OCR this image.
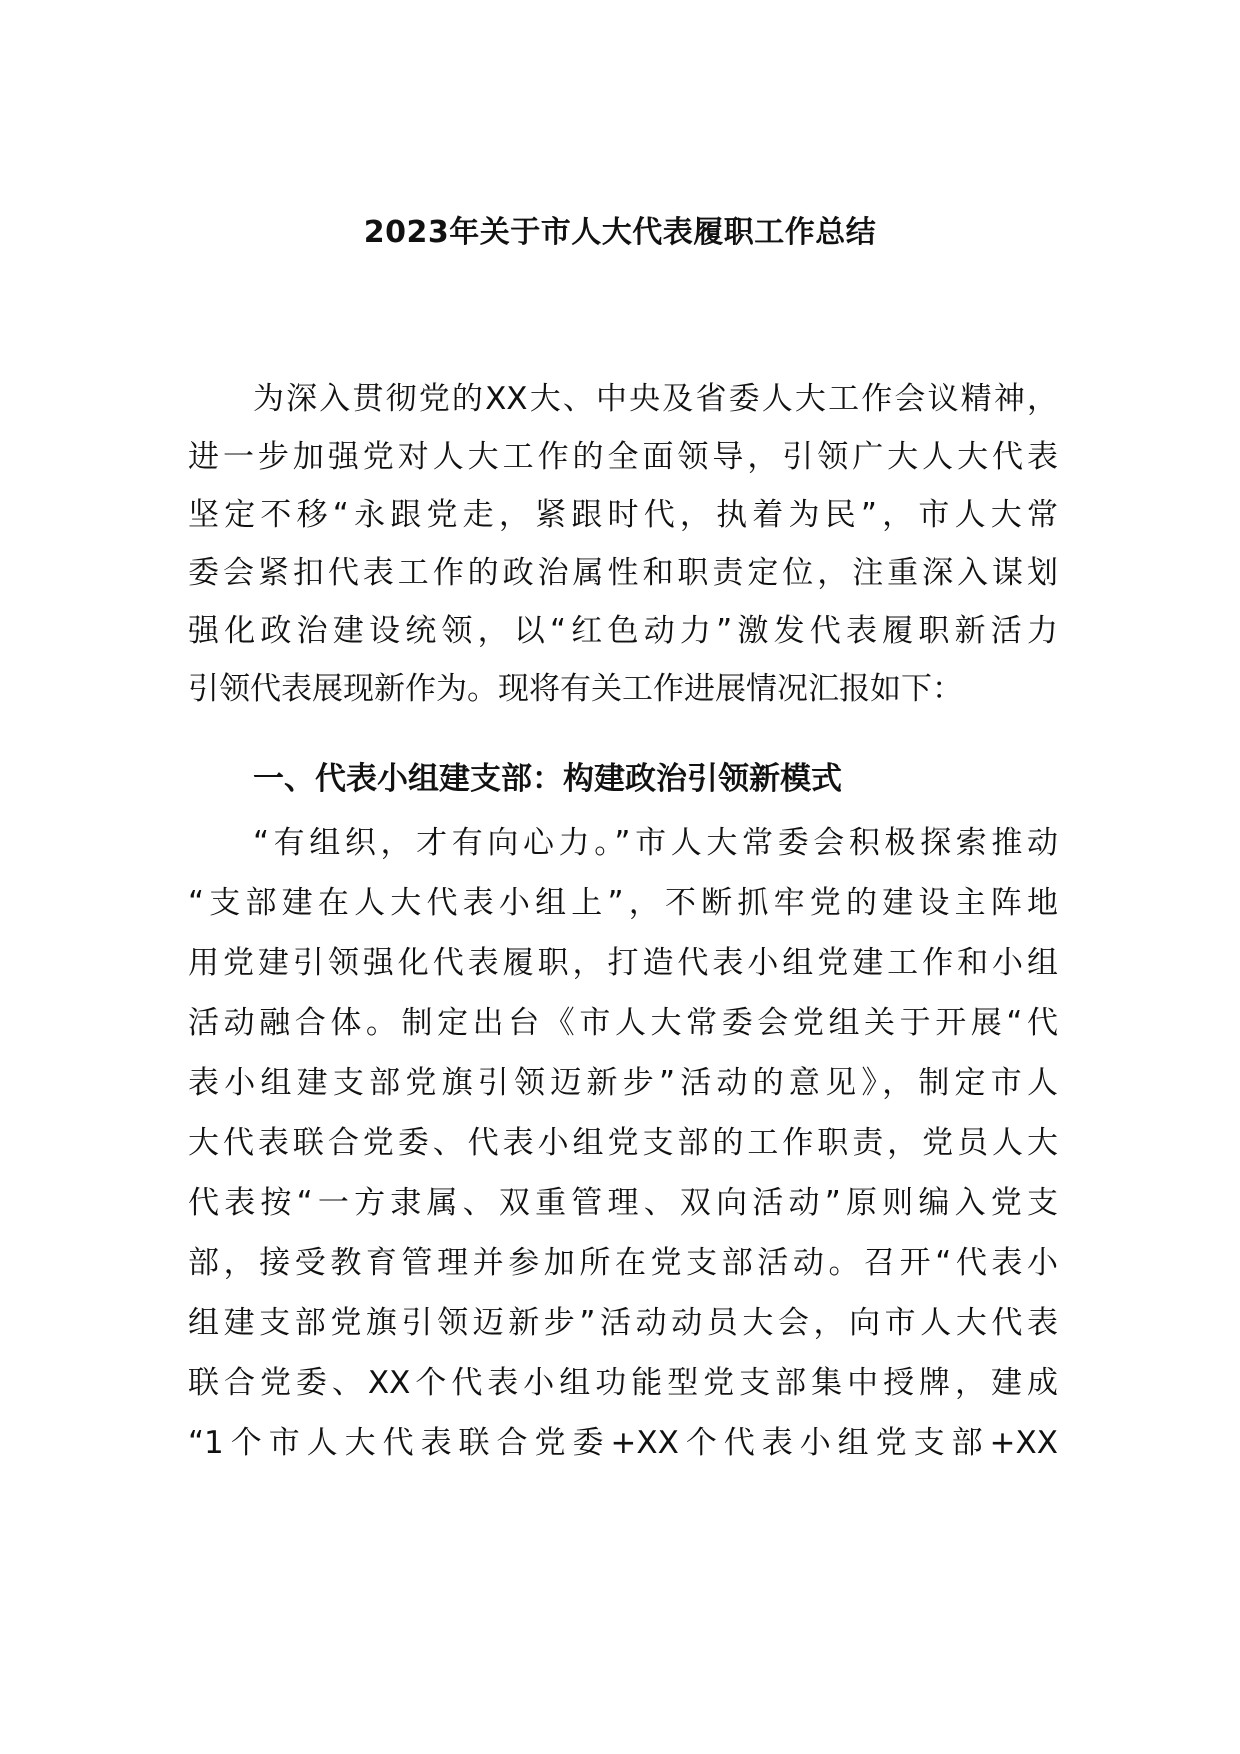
2023年关于市人大代表履职工作总结
为深入贯彻党的XX大、中央及省委人大工作会议精神，
进一步加强党对人大工作的全面领导，引领广大人大代表
坚定不移“永跟党走，紧跟时代，执着为民”，市人大常
委会紧扣代表工作的政治属性和职责定位，注重深入谋划
强化政治建设统领，以“红色动力”激发代表履职新活力
引领代表展现新作为。现将有关工作进展情况汇报如下：
一、代表小组建支部：构建政治引领新模式
“有组织，才有向心力。”市人大常委会积极探索推动
“支部建在人大代表小组上”，不断抓牢党的建设主阵地
用党建引领强化代表履职，打造代表小组党建工作和小组
活动融合体。制定出台《市人大常委会党组关于开展“代
表小组建支部党旗引领迈新步”活动的意见》，制定市人
大代表联合党委、代表小组党支部的工作职责，党员人大
代表按“一方隶属、双重管理、双向活动”原则编入党支
部，接受教育管理并参加所在党支部活动。召开“代表小
组建支部党旗引领迈新步”活动动员大会，向市人大代表
联合党委、XX个代表小组功能型党支部集中授牌，建成
“1个市人大代表联合党委+XX个代表小组党支部+XX
